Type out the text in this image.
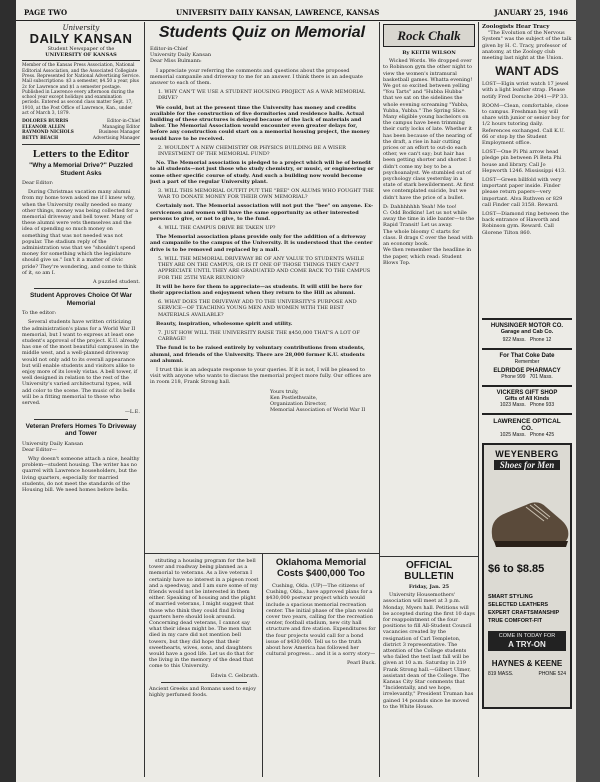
PAGE TWO	UNIVERSITY DAILY KANSAN, LAWRENCE, KANSAS	JANUARY 25, 1946
University
DAILY KANSAN
Student Newspaper of the
UNIVERSITY OF KANSAS

Member of the Kansas Press Association, National Editorial Association, and the Associated Collegiate Press. Represented for National Advertising Service. Mail subscriptions: $3 a semester, $4.50 a year, plus 2c for Lawrence and $1 a semester postage. Published in Lawrence every afternoon during the school year except holidays and examination periods. Entered as second class matter Sept. 17, 1910, at the Post Office of Lawrence, Kan., under act of March 3, 1879.

DOLORES BURRIS	Editor-in-Chief
ELEANOR ALLEN	Managing Editor
RAYMOND NICHOLS	Business Manager
BETTY BEACH	Advertising Manager
Letters to the Editor
"Why a Memorial Drive?" Puzzled Student Asks

Dear Editor:

During Christmas vacation many alumni from my home town asked me if I knew why, when the University really needed so many other things, money was being collected for a memorial driveway and bell tower. Many of these alumni were vets themselves and the idea of spending so much money on something that was not needed was not popular. The stadium reply of the administration was that we "shouldn't spend money for something which the legislature should give us." Isn't it a matter of civic pride? They're wondering, and come to think of it, so am I.

A puzzled student.

Student Approves Choice Of War Memorial

To the editor:

Several students have written criticizing the administration's plans for a World War II memorial, but I want to express at least one student's approval of the project. K.U. already has one of the most beautiful campuses in the middle west, and a well-planned driveway would not only add to its overall appearance but will enable students and visitors alike to enjoy more of its lovely vistas. A bell tower, if well designed in relation to the rest of the University's varied architectural types, will add color to the scene. The music of its bells will be a fitting memorial to those who served.

—L.E.

Veteran Prefers Homes To Driveway and Tower

University Daily Kansan
Dear Editor—

Why doesn't someone attach a nice, healthy problem—student housing. The writer has no quarrel with Lawrence householders, but the living quarters, especially for married students, do not meet the standards of the Housing bill. We need homes before bells.

Students Quiz on Memorial

Editor-in-Chief
University Daily Kansan
Dear Miss Bulmann:

I appreciate your referring the comments and questions about the proposed memorial campanile and driveway to me for an answer. I think there is an adequate answer to each of them.

1. WHY CAN'T WE USE A STUDENT HOUSING PROJECT AS A WAR MEMORIAL DRIVE?

We could, but at the present time the University has money and credits available for the construction of five dormitories and residence halls. Actual building of these structures is delayed because of the lack of materials and labor. The Memorial Association would encounter even greater delays for, before any construction could start on a memorial housing project, the money would have to be received.

2. WOULDN'T A NEW CHEMISTRY OR PHYSICS BUILDING BE A WISER INVESTMENT OF THE MEMORIAL FUND?

No. The Memorial association is pledged to a project which will be of benefit to all students—not just those who study chemistry, or music, or engineering or some other specific course of study. And such a building now would become just a part of the regular University plant.

3. WILL THIS MEMORIAL OUTFIT PUT THE "BEE" ON ALUMS WHO FOUGHT THE WAR TO DONATE MONEY FOR THEIR OWN MEMORIAL?

Certainly not. The Memorial association will not put the "bee" on anyone. Ex-servicemen and women will have the same opportunity as other interested persons to give, or not to give, to the fund.

4. WILL THE CAMPUS DRIVE BE TAKEN UP?

The Memorial association plans provide only for the addition of a driveway and campanile to the campus of the University. It is understood that the center drive is to be removed and replaced by a mall.

5. WILL THE MEMORIAL DRIVEWAY BE OF ANY VALUE TO STUDENTS WHILE THEY ARE ON THE CAMPUS, OR IS IT ONE OF THOSE THINGS THEY CAN'T APPRECIATE UNTIL THEY ARE GRADUATED AND COME BACK TO THE CAMPUS FOR THE 25TH YEAR REUNION?

It will be here for them to appreciate—as students. It will still be here for their appreciation and enjoyment when they return to the Hill as alumni.

6. WHAT DOES THE DRIVEWAY ADD TO THE UNIVERSITY'S PURPOSE AND SERVICE—OF TEACHING YOUNG MEN AND WOMEN WITH THE BEST MATERIALS AVAILABLE?

Beauty, inspiration, wholesome spirit and utility.

7. JUST HOW WILL THE UNIVERSITY RAISE THE $450,000 THAT'S A LOT OF CABBAGE!

The fund is to be raised entirely by voluntary contributions from students, alumni, and friends of the University. There are 28,000 former K.U. students and alumni.

I trust this is an adequate response to your queries. If it is not, I will be pleased to visit with anyone who wants to discuss the memorial project more fully. Our offices are in room 218, Frank Strong hall.

Yours truly,
Ken Postlethwaite,
Organization Director,
Memorial Association of World War II

stituting a housing program for the bell tower and roadway being planned as a memorial to veterans. As a live veteran I certainly have no interest in a pigeon roost and a speedway, and I am sure some of my friends would not be interested in them either. Speaking of housing and the plight of married veterans, I might suggest that those who think they could find living quarters here should look around. Concerning dead veterans, I cannot say what their ideas might be. The men that died in my care did not mention bell towers, but they did hope that their sweethearts, wives, sons, and daughters would have a good life. Let us do that for the living in the memory of the dead that come to this University.

Edwin C. Gelbrath.

Ancient Greeks and Romans used to enjoy highly perfumed foods.

Oklahoma Memorial Costs $400,000 Too

Cushing, Okla. (UP)—The citizens of Cushing, Okla., have approved plans for a $430,000 postwar project which would include a spacious memorial recreation center. The initial phase of the plan would cover two years, calling for the recreation center, football stadium, new city hall structure and fire station. Expenditures for the four projects would call for a bond issue of $430,000. Tell us to the truth about how America has followed her cultural progress... and it is a sorry story—

Pearl Buck.

Rock Chalk
By KEITH WILSON

Wicked Words. We dropped over to Robinson gym the other night to view the women's intramural basketball games. Whatta evening! We got so excited between yelling "You Tarts" and "Hubba Hubba" that we sat on the sidelines the whole evening screaming "Yubba, Yubba, Yubba." The Spring Slice. Many eligible young bachelors on the campus have been trimming their curly locks of late. Whether it has been because of the nearing of the draft, a rise in hair cutting prices or an effort to out-do each other, we can't say; but hair has been getting shorter and shorter. I didn't come my boy to be a psychoanalyst. We stumbled out of psychology class yesterday in a state of stark bewilderment. At first we contemplated suicide, but we didn't have the price of a bullet.

D: Dahhhhhhh Yeah! Me too!
C: Odd Bodkins! Let us not while away the time in idle banter—to the Rapid Transit! Let us away.
The whole bloomy C starts for class. B drags C over the head with an economy book.
We then remember the headline in the paper, which read: Student Blows Top.

OFFICIAL BULLETIN
Friday, Jan. 25

University Housemothers' association will meet at 3 p.m. Monday, Myers hall. Petitions will be accepted during the first 10 days for reappointment of the four positions to fill All-Student Council vacancies created by the resignation of Carl Templeton, district 3 representative. The attention of the College students who failed the test last fall will be given at 10 a.m. Saturday in 219 Frank Strong hall.—Gilbert Ulmer, assistant dean of the College. The Kansas City Star comments that "Incidentally, and we hope, irrelevantly," President Truman has gained 14 pounds since he moved to the White House.

Zoologists Hear Tracy

"The Evolution of the Nervous System" was the subject of the talk given by H. C. Tracy, professor of anatomy, at the Zoology club meeting last night at the Union.

WANT ADS

LOST—Elgin wrist watch 17 jewel with a light leather strap. Please notify Fred Dorsche 2041—PP 33.

ROOM—Clean, comfortable, close to campus. Freshman boy will share with junior or senior boy for 1/2 hours tutoring daily. References exchanged. Call K.U. 66 or stop by the Student Employment office.

LOST—One Pi Phi arrow head pledge pin between Pi Beta Phi house and library. Call Jo Hepworth 1246. Mississippi 413.

LOST—Green billfold with very important paper inside. Finder please return papers—very important. Alva Ruthven or 829 call Finder call 3158. Reward.

LOST—Diamond ring between the back entrance of Haworth and Robinson gym. Reward. Call Glorene Tilton 860.

HUNSINGER MOTOR CO.
Garage and Cab Co.
922 Mass. Phone 12
For That Coke Date
Remember
ELDRIDGE PHARMACY
Phone 999 701 Mass.
VICKERS GIFT SHOP
Gifts of All Kinds
1023 Mass. Phone 933
LAWRENCE OPTICAL
CO.
1025 Mass. Phone 425
WEYENBERG
Shoes for Men
$6 to $8.85
SMART STYLING
SELECTED LEATHERS
EXPERT CRAFTSMANSHIP
TRUE COMFORT-FIT
COME IN TODAY FOR
A TRY-ON
HAYNES & KEENE
819 MASS.	PHONE 524
